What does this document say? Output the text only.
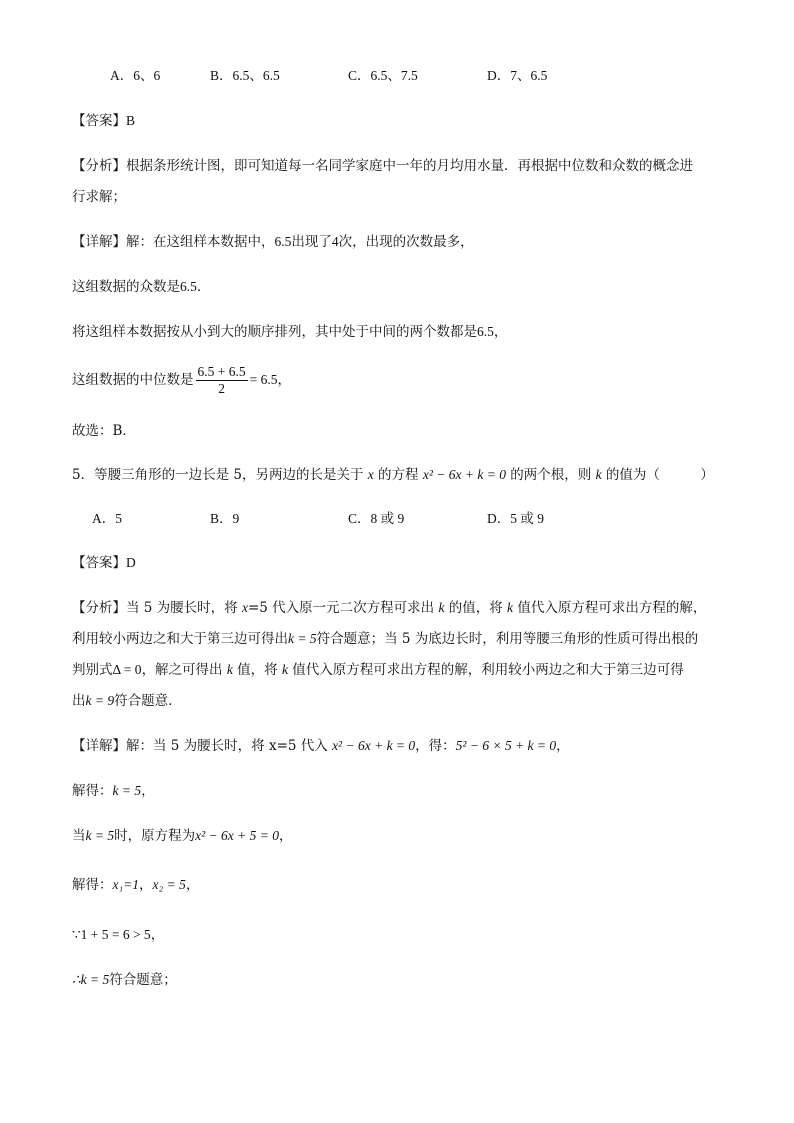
A．6、6	B．6.5、6.5	C．6.5、7.5	D．7、6.5
【答案】B
【分析】根据条形统计图，即可知道每一名同学家庭中一年的月均用水量．再根据中位数和众数的概念进
行求解；
【详解】解：在这组样本数据中，6.5出现了4次，出现的次数最多，
这组数据的众数是6.5．
将这组样本数据按从小到大的顺序排列，其中处于中间的两个数都是6.5，
这组数据的中位数是 $\frac{6.5 + 6.5}{2} = 6.5$，
故选：B．
5．等腰三角形的一边长是 5，另两边的长是关于 x 的方程 x² − 6x + k = 0 的两个根，则 k 的值为（　　　）
A．5	B．9	C．8 或 9	D．5 或 9
【答案】D
【分析】当 5 为腰长时，将 x=5 代入原一元二次方程可求出 k 的值，将 k 值代入原方程可求出方程的解，
利用较小两边之和大于第三边可得出k = 5符合题意；当 5 为底边长时，利用等腰三角形的性质可得出根的
判别式Δ = 0，解之可得出 k 值，将 k 值代入原方程可求出方程的解，利用较小两边之和大于第三边可得
出k = 9符合题意．
【详解】解：当 5 为腰长时，将 x=5 代入 x² − 6x + k = 0，得：5² − 6 × 5 + k = 0，
解得：k = 5，
当k = 5时，原方程为x² − 6x + 5 = 0，
解得：x₁=1，x₂ = 5，
∵1 + 5 = 6 > 5，
∴k = 5符合题意；
